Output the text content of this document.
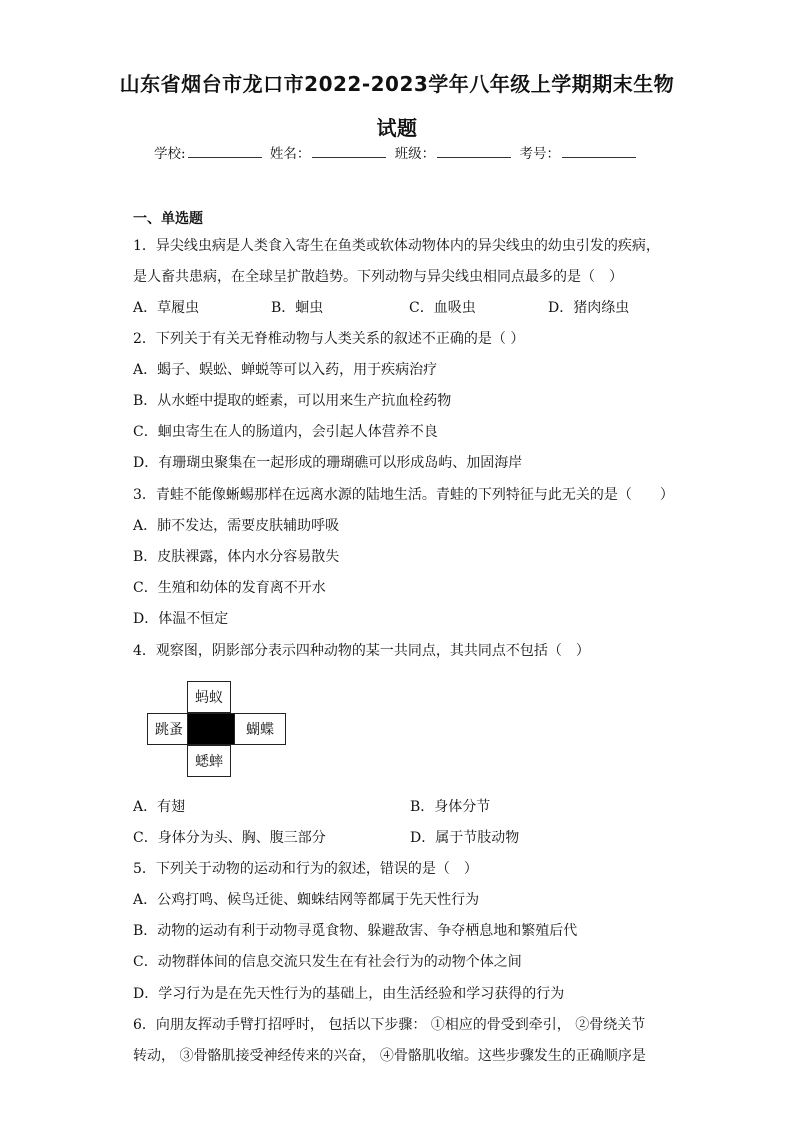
山东省烟台市龙口市2022-2023学年八年级上学期期末生物
试题
学校:	姓名：	班级：	考号：
一、单选题
1．异尖线虫病是人类食入寄生在鱼类或软体动物体内的异尖线虫的幼虫引发的疾病，
是人畜共患病，在全球呈扩散趋势。下列动物与异尖线虫相同点最多的是（　）
A．草履虫	B．蛔虫	C．血吸虫	D．猪肉绦虫
2．下列关于有关无脊椎动物与人类关系的叙述不正确的是（ ）
A．蝎子、蜈蚣、蝉蜕等可以入药，用于疾病治疗
B．从水蛭中提取的蛭素，可以用来生产抗血栓药物
C．蛔虫寄生在人的肠道内，会引起人体营养不良
D．有珊瑚虫聚集在一起形成的珊瑚礁可以形成岛屿、加固海岸
3．青蛙不能像蜥蜴那样在远离水源的陆地生活。青蛙的下列特征与此无关的是（　　）
A．肺不发达，需要皮肤辅助呼吸
B．皮肤裸露，体内水分容易散失
C．生殖和幼体的发育离不开水
D．体温不恒定
4．观察图，阴影部分表示四种动物的某一共同点，其共同点不包括（　）
蚂蚁
跳蚤	蝴蝶
蟋蟀
A．有翅	B．身体分节
C．身体分为头、胸、腹三部分	D．属于节肢动物
5．下列关于动物的运动和行为的叙述，错误的是（　）
A．公鸡打鸣、候鸟迁徙、蜘蛛结网等都属于先天性行为
B．动物的运动有利于动物寻觅食物、躲避敌害、争夺栖息地和繁殖后代
C．动物群体间的信息交流只发生在有社会行为的动物个体之间
D．学习行为是在先天性行为的基础上，由生活经验和学习获得的行为
6．向朋友挥动手臂打招呼时， 包括以下步骤： ①相应的骨受到牵引， ②骨绕关节
转动， ③骨骼肌接受神经传来的兴奋， ④骨骼肌收缩。这些步骤发生的正确顺序是
